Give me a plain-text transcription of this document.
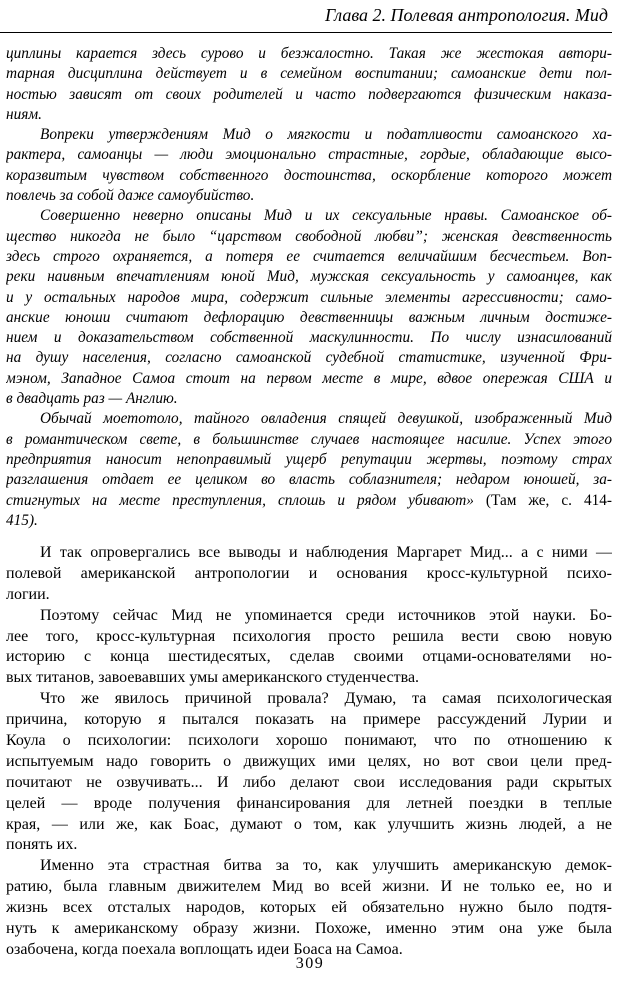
Глава 2. Полевая антропология. Мид
циплины карается здесь сурово и безжалостно. Такая же жестокая автори-
тарная дисциплина действует и в семейном воспитании; самоанские дети пол-
ностью зависят от своих родителей и часто подвергаются физическим наказа-
ниям.
Вопреки утверждениям Мид о мягкости и податливости самоанского ха-
рактера, самоанцы — люди эмоционально страстные, гордые, обладающие высо-
коразвитым чувством собственного достоинства, оскорбление которого может
повлечь за собой даже самоубийство.
Совершенно неверно описаны Мид и их сексуальные нравы. Самоанское об-
щество никогда не было “царством свободной любви”; женская девственность
здесь строго охраняется, а потеря ее считается величайшим бесчестьем. Воп-
реки наивным впечатлениям юной Мид, мужская сексуальность у самоанцев, как
и у остальных народов мира, содержит сильные элементы агрессивности; само-
анские юноши считают дефлорацию девственницы важным личным достиже-
нием и доказательством собственной маскулинности. По числу изнасилований
на душу населения, согласно самоанской судебной статистике, изученной Фри-
мэном, Западное Самоа стоит на первом месте в мире, вдвое опережая США и
в двадцать раз — Англию.
Обычай моетотоло, тайного овладения спящей девушкой, изображенный Мид
в романтическом свете, в большинстве случаев настоящее насилие. Успех этого
предприятия наносит непоправимый ущерб репутации жертвы, поэтому страх
разглашения отдает ее целиком во власть соблазнителя; недаром юношей, за-
стигнутых на месте преступления, сплошь и рядом убивают» (Там же, с. 414-
415).
И так опровергались все выводы и наблюдения Маргарет Мид... а с ними —
полевой американской антропологии и основания кросс-культурной психо-
логии.
Поэтому сейчас Мид не упоминается среди источников этой науки. Бо-
лее того, кросс-культурная психология просто решила вести свою новую
историю с конца шестидесятых, сделав своими отцами-основателями но-
вых титанов, завоевавших умы американского студенчества.
Что же явилось причиной провала? Думаю, та самая психологическая
причина, которую я пытался показать на примере рассуждений Лурии и
Коула о психологии: психологи хорошо понимают, что по отношению к
испытуемым надо говорить о движущих ими целях, но вот свои цели пред-
почитают не озвучивать... И либо делают свои исследования ради скрытых
целей — вроде получения финансирования для летней поездки в теплые
края, — или же, как Боас, думают о том, как улучшить жизнь людей, а не
понять их.
Именно эта страстная битва за то, как улучшить американскую демок-
ратию, была главным движителем Мид во всей жизни. И не только ее, но и
жизнь всех отсталых народов, которых ей обязательно нужно было подтя-
нуть к американскому образу жизни. Похоже, именно этим она уже была
озабочена, когда поехала воплощать идеи Боаса на Самоа.
309
